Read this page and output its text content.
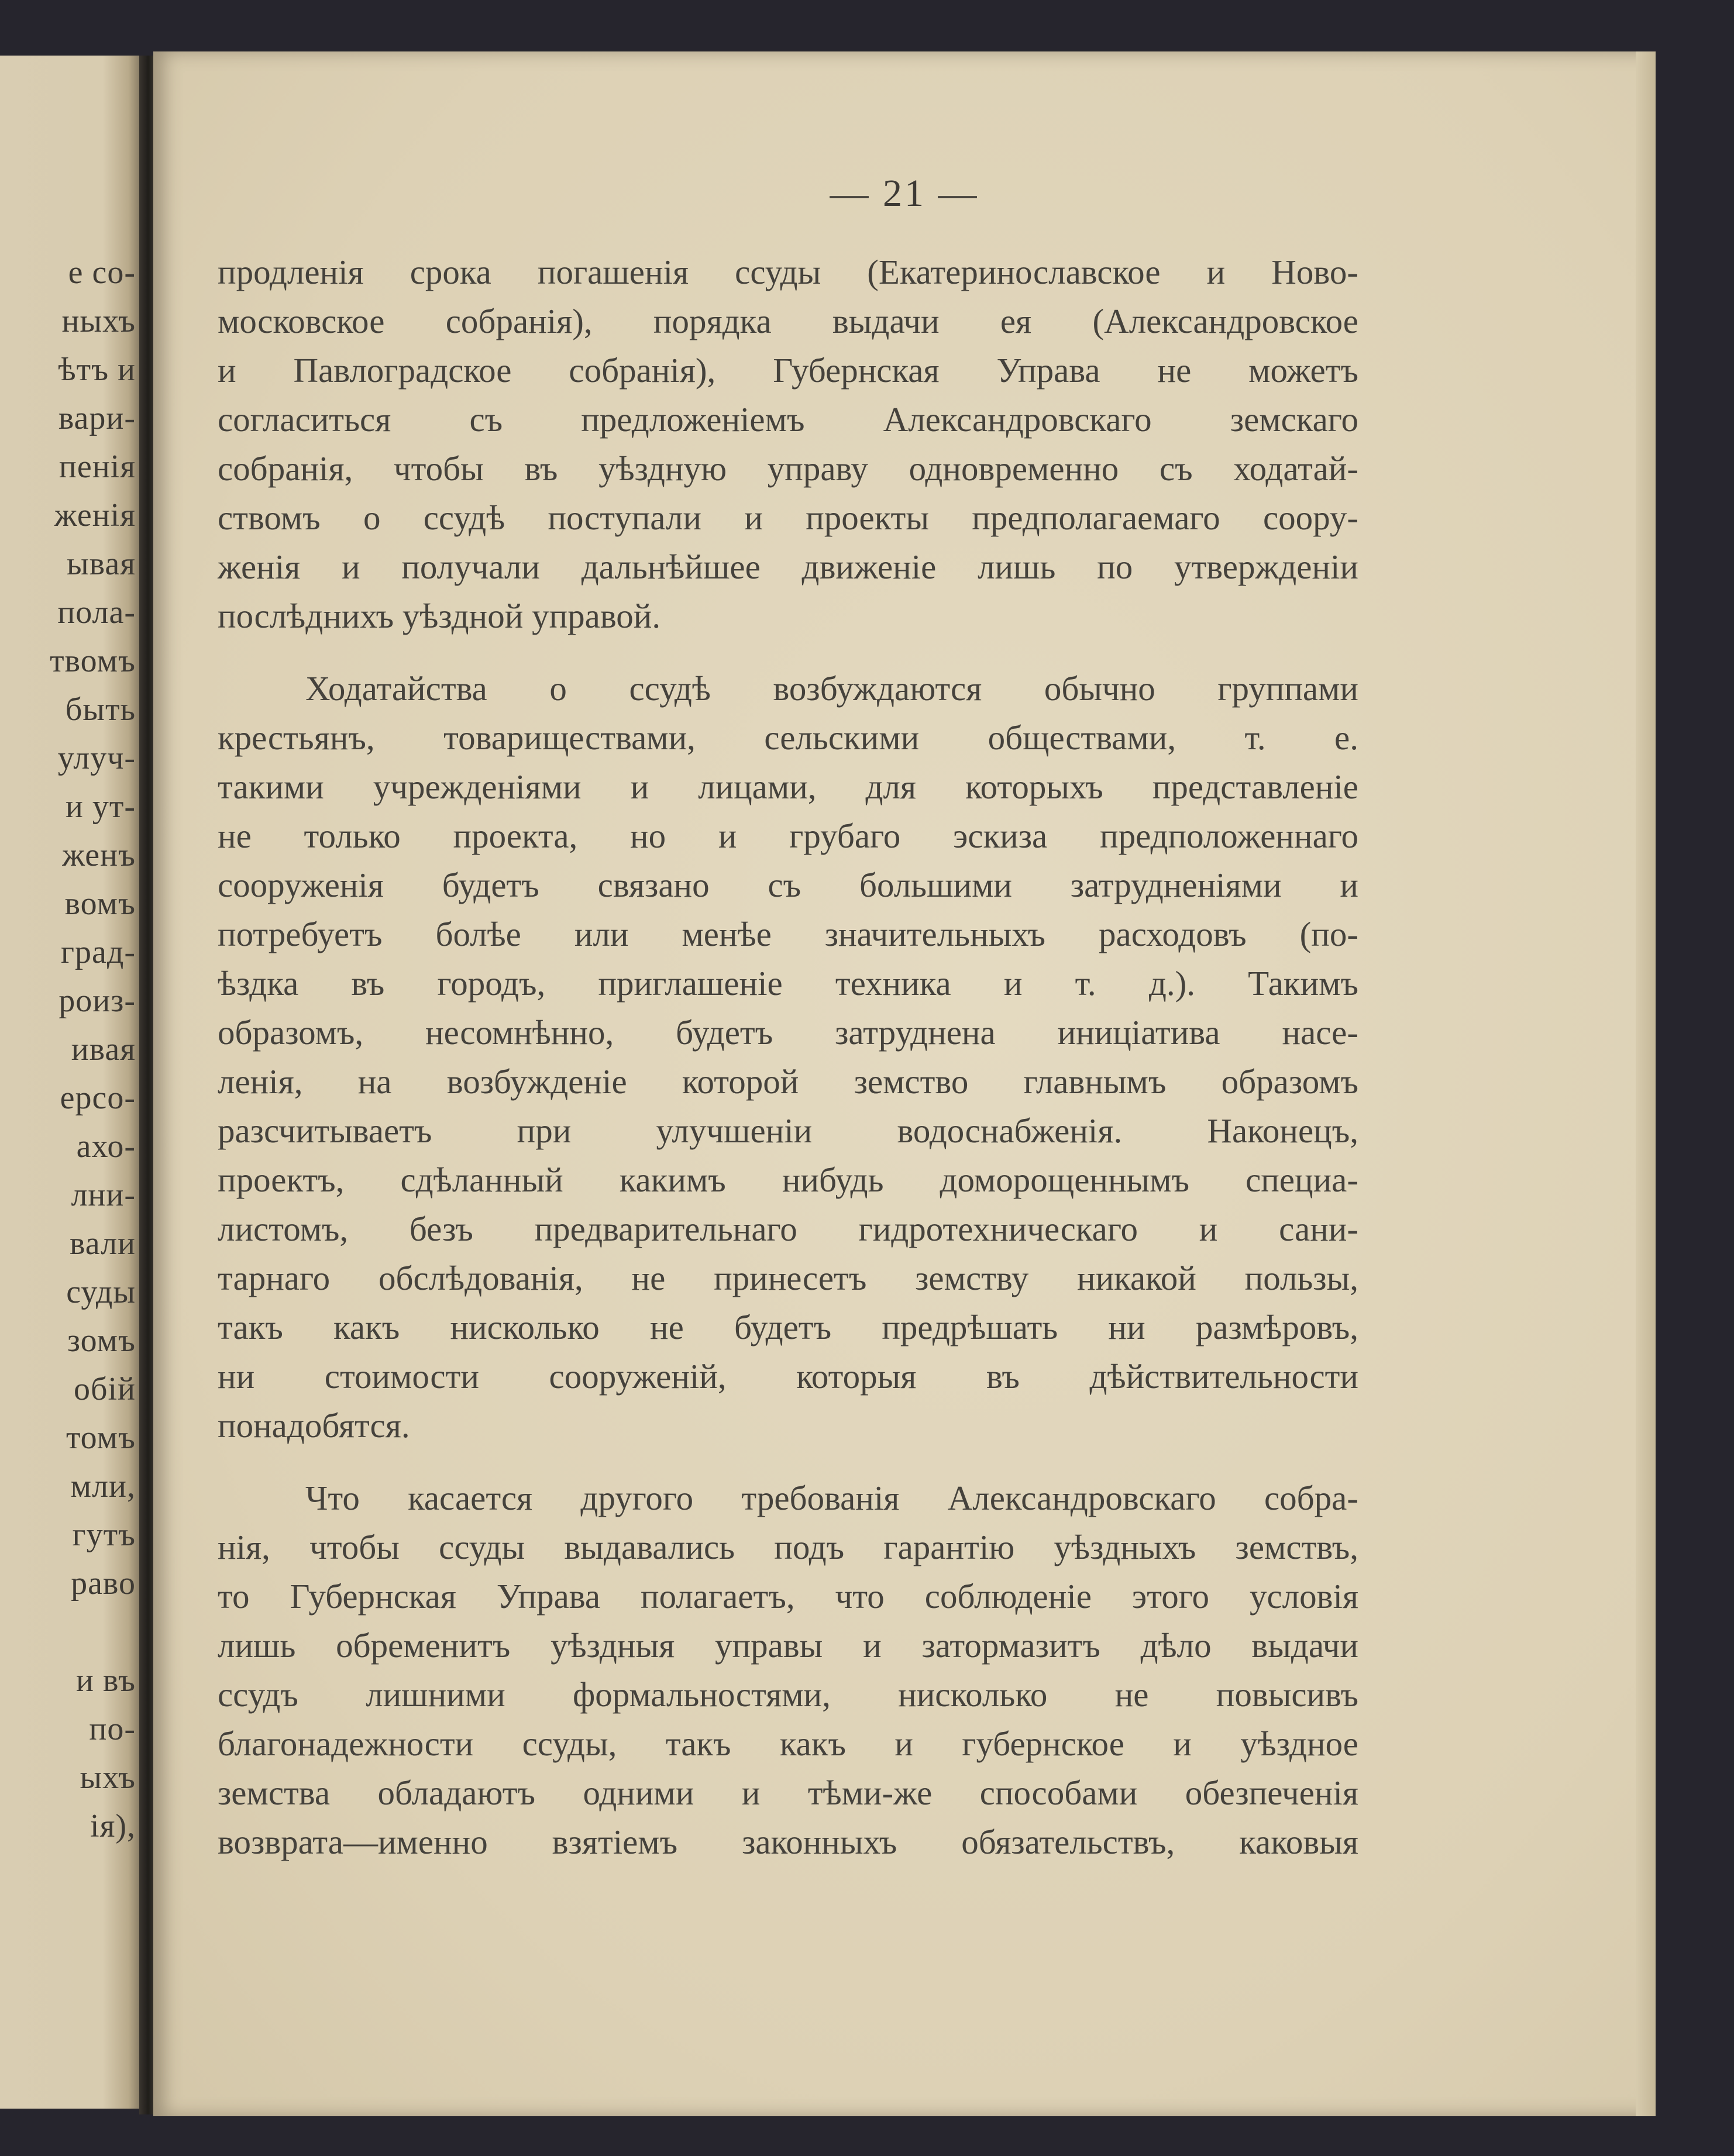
е со-
ныхъ
ѣтъ и
вари-
пенія
женія
ывая
пола-
твомъ
быть
улуч-
и ут-
женъ
вомъ
град-
роиз-
ивая
ерсо-
ахо-
лни-
вали
суды
зомъ
обій
томъ
мли,
гутъ
раво
и въ
по-
ыхъ
ія),
— 21 —
продленія срока погашенія ссуды (Екатеринославское и Ново-
московское собранія), порядка выдачи ея (Александровское
и Павлоградское собранія), Губернская Управа не можетъ
согласиться съ предложеніемъ Александровскаго земскаго
собранія, чтобы въ уѣздную управу одновременно съ ходатай-
ствомъ о ссудѣ поступали и проекты предполагаемаго соору-
женія и получали дальнѣйшее движеніе лишь по утвержденіи
послѣднихъ уѣздной управой.
Ходатайства о ссудѣ возбуждаются обычно группами
крестьянъ, товариществами, сельскими обществами, т. е.
такими учрежденіями и лицами, для которыхъ представленіе
не только проекта, но и грубаго эскиза предположеннаго
сооруженія будетъ связано съ большими затрудненіями и
потребуетъ болѣе или менѣе значительныхъ расходовъ (по-
ѣздка въ городъ, приглашеніе техника и т. д.). Такимъ
образомъ, несомнѣнно, будетъ затруднена иниціатива насе-
ленія, на возбужденіе которой земство главнымъ образомъ
разсчитываетъ при улучшеніи водоснабженія. Наконецъ,
проектъ, сдѣланный какимъ нибудь доморощеннымъ специа-
листомъ, безъ предварительнаго гидротехническаго и сани-
тарнаго обслѣдованія, не принесетъ земству никакой пользы,
такъ какъ нисколько не будетъ предрѣшать ни размѣровъ,
ни стоимости сооруженій, которыя въ дѣйствительности
понадобятся.
Что касается другого требованія Александровскаго собра-
нія, чтобы ссуды выдавались подъ гарантію уѣздныхъ земствъ,
то Губернская Управа полагаетъ, что соблюденіе этого условія
лишь обременитъ уѣздныя управы и затормазитъ дѣло выдачи
ссудъ лишними формальностями, нисколько не повысивъ
благонадежности ссуды, такъ какъ и губернское и уѣздное
земства обладаютъ одними и тѣми-же способами обезпеченія
возврата—именно взятіемъ законныхъ обязательствъ, каковыя
